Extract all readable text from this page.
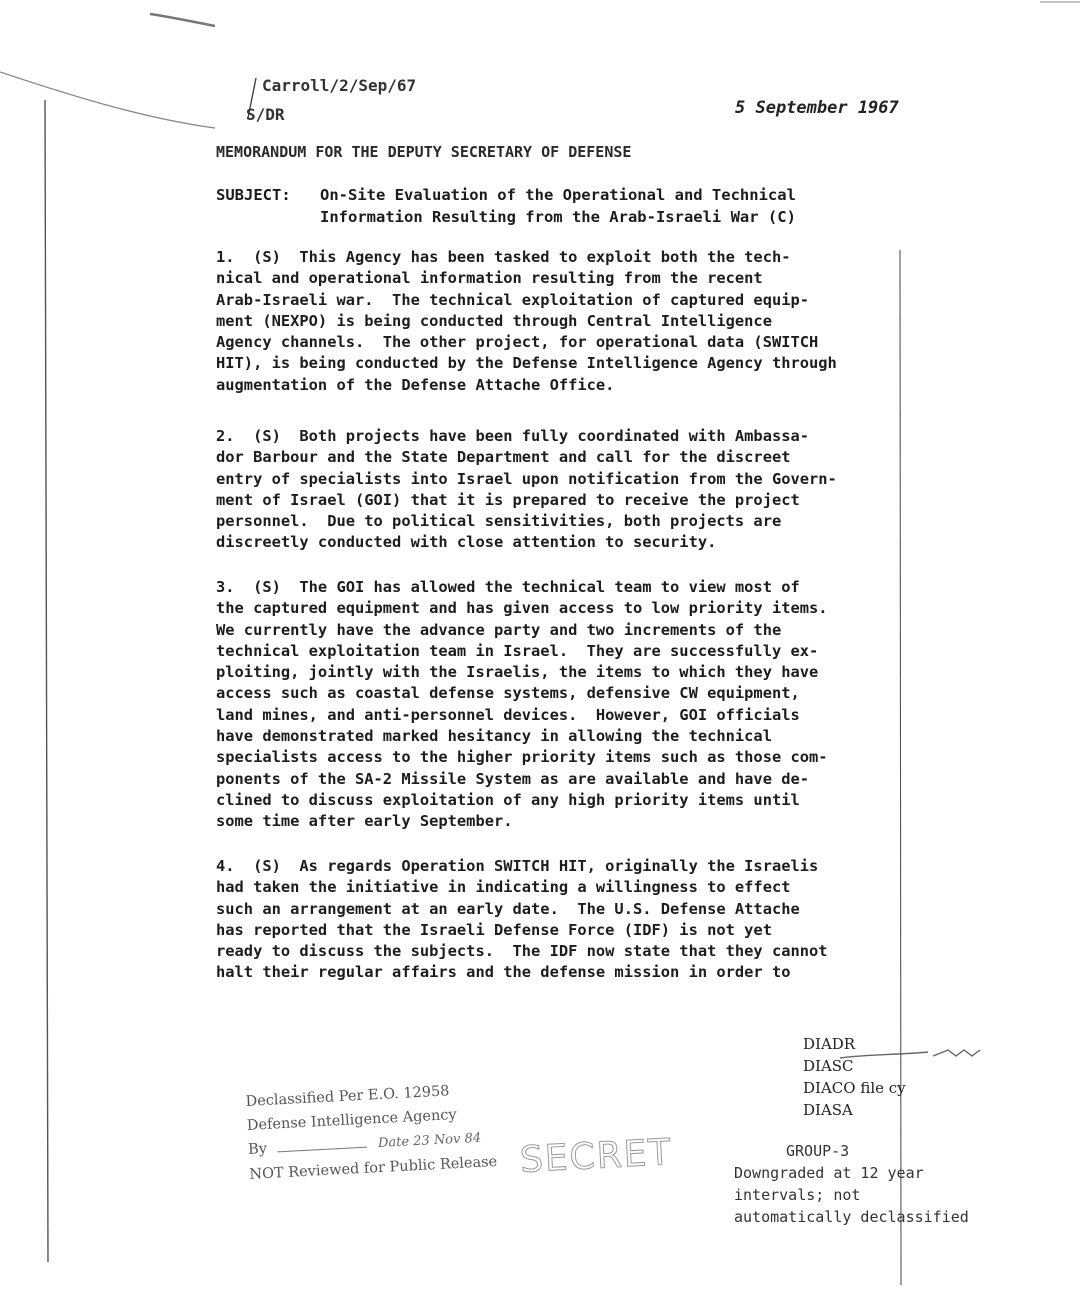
Carroll/2/Sep/67
S/DR	5 September 1967
MEMORANDUM FOR THE DEPUTY SECRETARY OF DEFENSE
SUBJECT:	On-Site Evaluation of the Operational and Technical
Information Resulting from the Arab-Israeli War (C)
1.  (S)  This Agency has been tasked to exploit both the tech-
nical and operational information resulting from the recent
Arab-Israeli war.  The technical exploitation of captured equip-
ment (NEXPO) is being conducted through Central Intelligence
Agency channels.  The other project, for operational data (SWITCH
HIT), is being conducted by the Defense Intelligence Agency through
augmentation of the Defense Attache Office.
2.  (S)  Both projects have been fully coordinated with Ambassa-
dor Barbour and the State Department and call for the discreet
entry of specialists into Israel upon notification from the Govern-
ment of Israel (GOI) that it is prepared to receive the project
personnel.  Due to political sensitivities, both projects are
discreetly conducted with close attention to security.
3.  (S)  The GOI has allowed the technical team to view most of
the captured equipment and has given access to low priority items.
We currently have the advance party and two increments of the
technical exploitation team in Israel.  They are successfully ex-
ploiting, jointly with the Israelis, the items to which they have
access such as coastal defense systems, defensive CW equipment,
land mines, and anti-personnel devices.  However, GOI officials
have demonstrated marked hesitancy in allowing the technical
specialists access to the higher priority items such as those com-
ponents of the SA-2 Missile System as are available and have de-
clined to discuss exploitation of any high priority items until
some time after early September.
4.  (S)  As regards Operation SWITCH HIT, originally the Israelis
had taken the initiative in indicating a willingness to effect
such an arrangement at an early date.  The U.S. Defense Attache
has reported that the Israeli Defense Force (IDF) is not yet
ready to discuss the subjects.  The IDF now state that they cannot
halt their regular affairs and the defense mission in order to
DIADR
DIASC
DIACO file cy
DIASA
GROUP-3
Downgraded at 12 year
intervals; not
automatically declassified
Declassified Per E.O. 12958
Defense Intelligence Agency
By	Date 23 Nov 84
NOT Reviewed for Public Release SECRET
